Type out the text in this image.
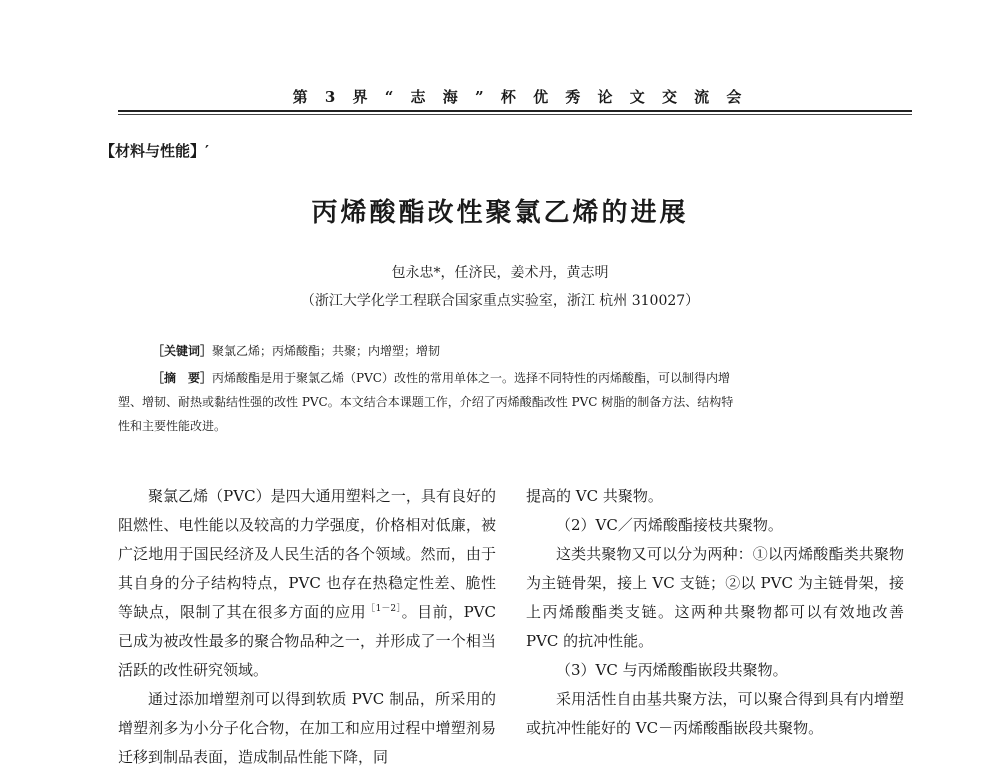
第 3 界 “ 志 海 ” 杯 优 秀 论 文 交 流 会
【材料与性能】′
丙烯酸酯改性聚氯乙烯的进展
包永忠*，任济民，姜术丹，黄志明
（浙江大学化学工程联合国家重点实验室，浙江 杭州 310027）
［关键词］聚氯乙烯；丙烯酸酯；共聚；内增塑；增韧

［摘　要］丙烯酸酯是用于聚氯乙烯（PVC）改性的常用单体之一。选择不同特性的丙烯酸酯，可以制得内增

塑、增韧、耐热或黏结性强的改性 PVC。本文结合本课题工作，介绍了丙烯酸酯改性 PVC 树脂的制备方法、结构特

性和主要性能改进。

聚氯乙烯（PVC）是四大通用塑料之一，具有良好的阻燃性、电性能以及较高的力学强度，价格相对低廉，被广泛地用于国民经济及人民生活的各个领域。然而，由于其自身的分子结构特点，PVC 也存在热稳定性差、脆性等缺点，限制了其在很多方面的应用$^{[1-2]}$。目前，PVC 已成为被改性最多的聚合物品种之一，并形成了一个相当活跃的改性研究领域。

通过添加增塑剂可以得到软质 PVC 制品，所采用的增塑剂多为小分子化合物，在加工和应用过程中增塑剂易迁移到制品表面，造成制品性能下降，同

提高的 VC 共聚物。

（2）VC／丙烯酸酯接枝共聚物。

这类共聚物又可以分为两种：①以丙烯酸酯类共聚物为主链骨架，接上 VC 支链；②以 PVC 为主链骨架，接上丙烯酸酯类支链。这两种共聚物都可以有效地改善 PVC 的抗冲性能。

（3）VC 与丙烯酸酯嵌段共聚物。

采用活性自由基共聚方法，可以聚合得到具有内增塑或抗冲性能好的 VC－丙烯酸酯嵌段共聚物。
